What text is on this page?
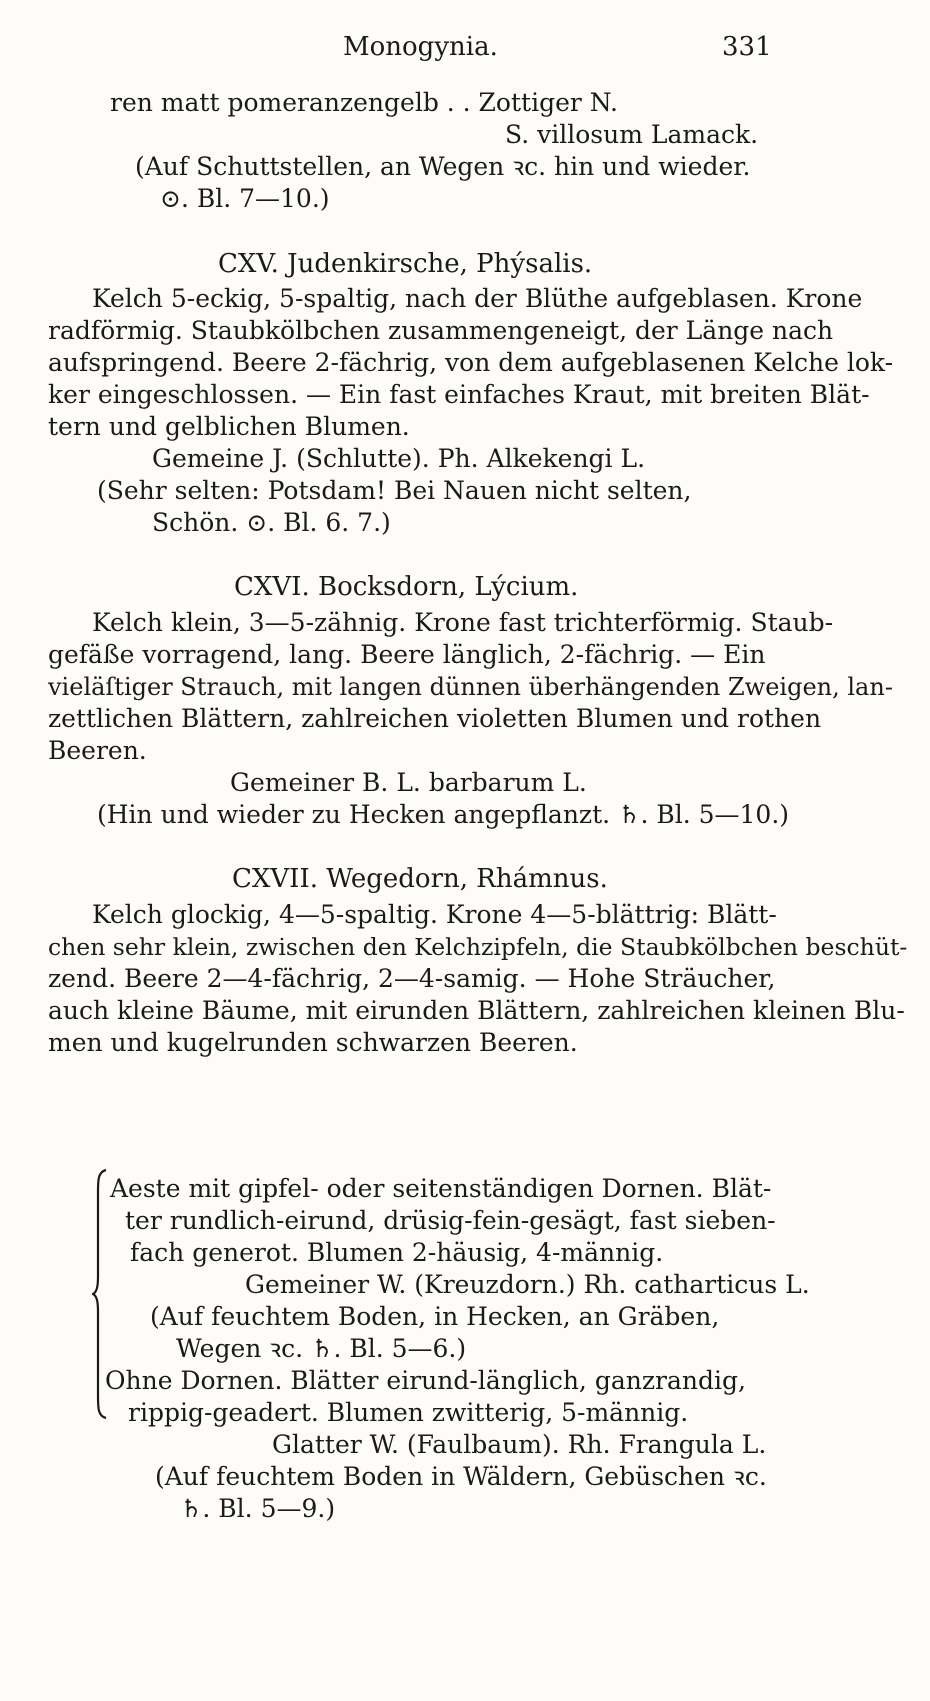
Monogynia.	331
ren matt pomeranzengelb . . Zottiger N.
S. villosum Lamack.
(Auf Schuttstellen, an Wegen ꝛc. hin und wieder.
⊙. Bl. 7—10.)
CXV. Judenkirsche, Phýsalis.
Kelch 5-eckig, 5-spaltig, nach der Blüthe aufgeblasen. Krone
radförmig. Staubkölbchen zusammengeneigt, der Länge nach
aufspringend. Beere 2-fächrig, von dem aufgeblasenen Kelche lok-
ker eingeschlossen. — Ein fast einfaches Kraut, mit breiten Blät-
tern und gelblichen Blumen.
Gemeine J. (Schlutte). Ph. Alkekengi L.
(Sehr selten: Potsdam! Bei Nauen nicht selten,
Schön. ⊙. Bl. 6. 7.)
CXVI. Bocksdorn, Lýcium.
Kelch klein, 3—5-zähnig. Krone fast trichterförmig. Staub-
gefäße vorragend, lang. Beere länglich, 2-fächrig. — Ein
vieläſtiger Strauch, mit langen dünnen überhängenden Zweigen, lan-
zettlichen Blättern, zahlreichen violetten Blumen und rothen
Beeren.
Gemeiner B. L. barbarum L.
(Hin und wieder zu Hecken angepflanzt. ♄. Bl. 5—10.)
CXVII. Wegedorn, Rhámnus.
Kelch glockig, 4—5-spaltig. Krone 4—5-blättrig: Blätt-
chen sehr klein, zwischen den Kelchzipfeln, die Staubkölbchen beschüt-
zend. Beere 2—4-fächrig, 2—4-samig. — Hohe Sträucher,
auch kleine Bäume, mit eirunden Blättern, zahlreichen kleinen Blu-
men und kugelrunden schwarzen Beeren.
Aeste mit gipfel- oder seitenständigen Dornen. Blät-
ter rundlich-eirund, drüsig-fein-gesägt, fast sieben-
fach generot. Blumen 2-häusig, 4-männig.
Gemeiner W. (Kreuzdorn.) Rh. catharticus L.
(Auf feuchtem Boden, in Hecken, an Gräben,
Wegen ꝛc. ♄. Bl. 5—6.)
Ohne Dornen. Blätter eirund-länglich, ganzrandig,
rippig-geadert. Blumen zwitterig, 5-männig.
Glatter W. (Faulbaum). Rh. Frangula L.
(Auf feuchtem Boden in Wäldern, Gebüschen ꝛc.
♄. Bl. 5—9.)
